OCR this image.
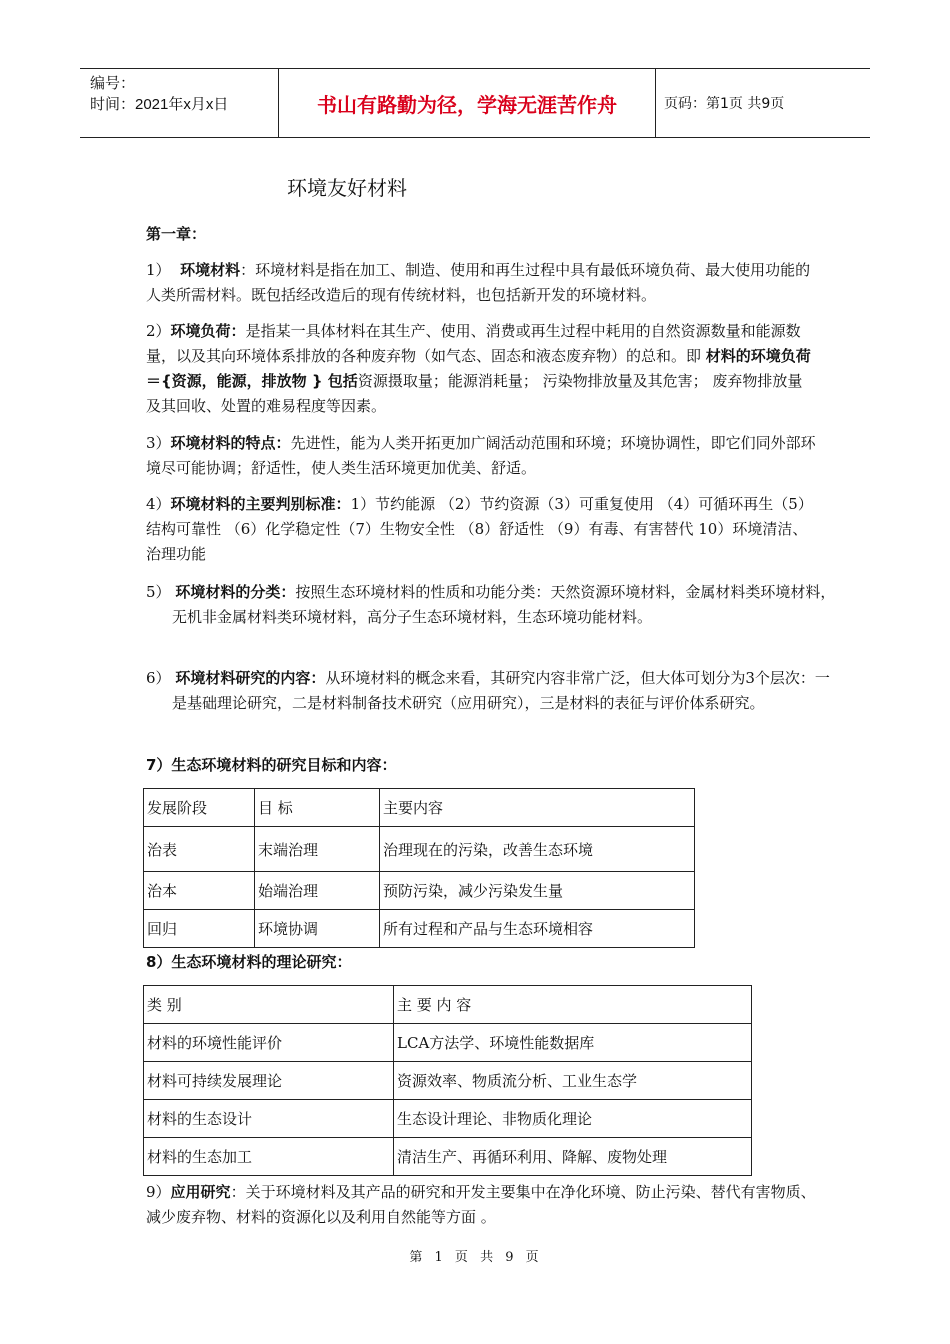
编号：
时间：2021年x月x日	书山有路勤为径，学海无涯苦作舟	页码：第1页 共9页
环境友好材料
第一章：
1） 环境材料：环境材料是指在加工、制造、使用和再生过程中具有最低环境负荷、最大使用功能的人类所需材料。既包括经改造后的现有传统材料，也包括新开发的环境材料。
2）环境负荷：是指某一具体材料在其生产、使用、消费或再生过程中耗用的自然资源数量和能源数量，以及其向环境体系排放的各种废弃物（如气态、固态和液态废弃物）的总和。即 材料的环境负荷＝{资源，能源，排放物 } 包括资源摄取量；能源消耗量； 污染物排放量及其危害； 废弃物排放量及其回收、处置的难易程度等因素。
3）环境材料的特点：先进性，能为人类开拓更加广阔活动范围和环境；环境协调性，即它们同外部环境尽可能协调；舒适性，使人类生活环境更加优美、舒适。
4）环境材料的主要判别标准：1）节约能源 （2）节约资源（3）可重复使用 （4）可循环再生（5）结构可靠性 （6）化学稳定性（7）生物安全性 （8）舒适性 （9）有毒、有害替代 10）环境清洁、治理功能
5） 环境材料的分类：按照生态环境材料的性质和功能分类：天然资源环境材料，金属材料类环境材料，无机非金属材料类环境材料，高分子生态环境材料，生态环境功能材料。
6） 环境材料研究的内容：从环境材料的概念来看，其研究内容非常广泛，但大体可划分为3个层次：一是基础理论研究，二是材料制备技术研究（应用研究），三是材料的表征与评价体系研究。
7）生态环境材料的研究目标和内容：
发展阶段	目 标	主要内容
治表	末端治理	治理现在的污染，改善生态环境
治本	始端治理	预防污染，减少污染发生量
回归	环境协调	所有过程和产品与生态环境相容
8）生态环境材料的理论研究：
类 别	主 要 内 容
材料的环境性能评价	LCA方法学、环境性能数据库
材料可持续发展理论	资源效率、物质流分析、工业生态学
材料的生态设计	生态设计理论、非物质化理论
材料的生态加工	清洁生产、再循环利用、降解、废物处理
9）应用研究：关于环境材料及其产品的研究和开发主要集中在净化环境、防止污染、替代有害物质、减少废弃物、材料的资源化以及利用自然能等方面 。
第 1 页 共 9 页
